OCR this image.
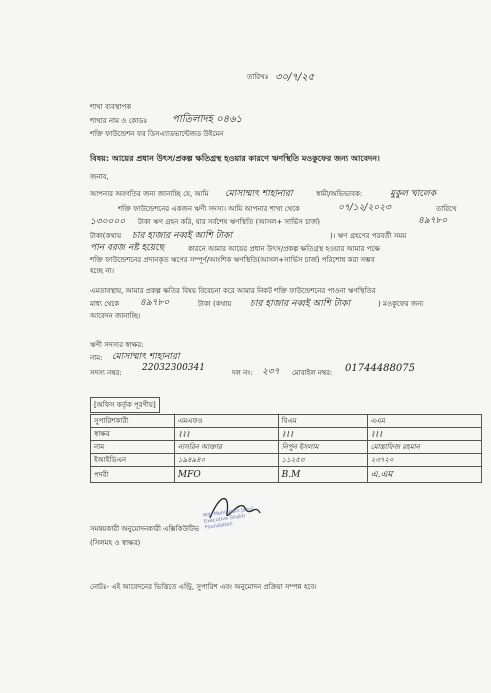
তারিখঃ ৩০/৭/২৫
শাখা ব্যবস্থাপক
শাখার নাম ও কোডঃ পাতিলাদহ ০৪৬১
শক্তি ফাউন্ডেশন ফর ডিসএ্যাডভান্টেজড উইমেন
বিষয়: আয়ের প্রধান উৎস/প্রকল্প ক্ষতিগ্রস্থ হওয়ার কারণে ঋণস্থিতি মওকুফের জন্য আবেদন।
জনাব,
আপনার অবগতির জন্য জানাচ্ছি যে, আমি মোসাম্মাৎ শাহানারা	স্বামী/অভিভাবক:	মুকুল খালেক
শক্তি ফাউন্ডেশনের একজন ঋণী সদস্য। আমি আপনার শাখা থেকে	০৭/১২/২০২৩	তারিখে
১৩০০০০ টাকা ঋণ গ্রহন করি, যার সর্বশেষ ঋণস্থিতি (আসল+ সার্ভিস চার্জ)	৪৯৭৮০
টাকা(কথায় চার হাজার নব্বই আশি টাকা	)। ঋণ গ্রহণের পরবর্তী সময়
পান বরজ নষ্ট হয়েছে	কারনে আমার আয়ের প্রধান উৎস/প্রকল্প ক্ষতিগ্রস্থ হওয়ার আমার পক্ষে
শক্তি ফাউন্ডেশনের প্রদানকৃত ঋণের সম্পূর্ণ/আংশিক ঋণস্থিতি(আসল+সার্ভিস চার্জ) পরিশোধ করা সম্ভব
হচ্ছে না।
এমতাবস্থায়, আমার প্রকল্প ক্ষতির বিষয় বিবেচনা করে আমার নিকট শক্তি ফাউন্ডেশনের পাওনা ঋণস্থিতির
মাধ্য থেকে ৪৯৭৮০	টাকা (কথায় চার হাজার নব্বই আশি টাকা	) মওকুফের জন্য
আবেদন জানাচ্ছি।
ঋণী সদস্যর স্বাক্ষর:
নাম: মোসাম্মাৎ শাহানারা
সদস্য নম্বর: 22032300341	দল নং: ২৩৭ মোবাইল নম্বর: 01744488075
[অফিস কর্তৃক পূরণীয়]
সুপারিশকারী	এমএফও	বিএম	এএম
স্বাক্ষর	⌇⌇⌇	⌇⌇⌇	⌇⌇⌇
নাম	নাসরিন আক্তার	নিপুন ইসলাম	মোস্তাফিজ রহমান
ইআইডিএন	১৯৪৯৪০	১১২৫৩	২৩৭২০
পদবী	MFO	B.M	এ.এম
Md. Mohiuddin Jamil Executive Shakti Foundation
সমন্বয়কারী অনুমোদনকারী এক্সিকিউটিভ
(সিলমহ ও স্বাক্ষর)
নোটঃ- এই আবেদনের ভিত্তিতে এন্ট্রি, সুপারিশ এবং অনুমোদন প্রক্রিয়া সম্পন্ন হবে।
